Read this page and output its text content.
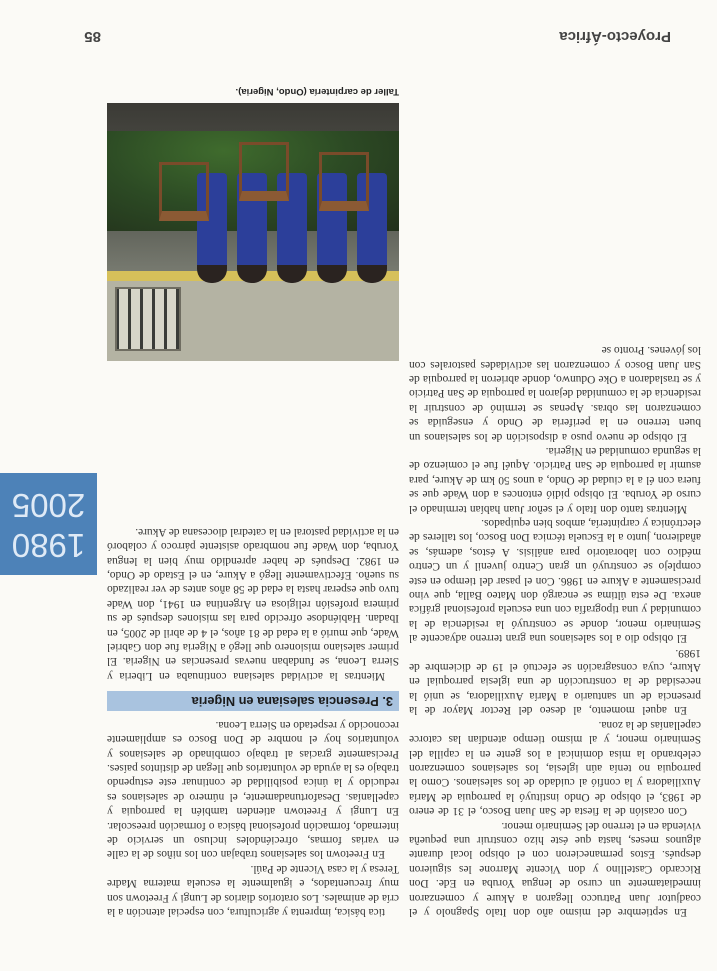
En septiembre del mismo año don Italo Spagnolo y el coadjutor Juan Patrucco llegaron a Akure y comenzaron inmediatamente un curso de lengua Yoruba en Ede. Don Riccardo Castellino y don Vicente Marrone les siguieron después. Estos permanecieron con el obispo local durante algunos meses, hasta que éste hizo construir una pequeña vivienda en el terreno del Seminario menor.

Con ocasión de la fiesta de San Juan Bosco, el 31 de enero de 1983, el obispo de Ondo instituyó la parroquia de María Auxiliadora y la confió al cuidado de los salesianos. Como la parroquia no tenía aún iglesia, los salesianos comenzaron celebrando la misa dominical a los gente en la capilla del Seminario menor, y al mismo tiempo atendían las catorce capellanías de la zona.

En aquel momento, al deseo del Rector Mayor de la presencia de un santuario a María Auxiliadora, se unió la necesidad de la construcción de una iglesia parroquial en Akure, cuya consagración se efectuó el 19 de diciembre de 1989.

El obispo dio a los salesianos una gran terreno adyacente al Seminario menor, donde se construyó la residencia de la comunidad y una tipografía con una escuela profesional gráfica anexa. De esta última se encargó don Mateo Balla, que vino precisamente a Akure en 1986. Con el pasar del tiempo en este complejo se construyó un gran Centro juvenil y un Centro médico con laboratorio para análisis. A éstos, además, se añadieron, junto a la Escuela técnica Don Bosco, los talleres de electrónica y carpintería, ambos bien equipados.

Mientras tanto don Italo y el señor Juan habían terminado el curso de Yoruba. El obispo pidió entonces a don Wade que se fuera con él a la ciudad de Ondo, a unos 50 km de Akure, para asumir la parroquia de San Patricio. Aquél fue el comienzo de la segunda comunidad en Nigeria.

El obispo de nuevo puso a disposición de los salesianos un buen terreno en la periferia de Ondo y enseguida se comenzaron las obras. Apenas se terminó de construir la residencia de la comunidad dejaron la parroquia de San Patricio y se trasladaron a Oke Odunwo, donde abrieron la parroquia de San Juan Bosco y comenzaron las actividades pastorales con los jóvenes. Pronto se

tica básica, imprenta y agricultura, con especial atención a la cría de animales. Los oratorios diarios de Lungi y Freetown son muy frecuentados, e igualmente la escuela materna Madre Teresa y la casa Vicente de Paúl.

En Freetown los salesianos trabajan con los niños de la calle en varias formas, ofreciéndoles incluso un servicio de internado, formación profesional básica o formación preescolar. En Lungi y Freetown atienden también la parroquia y capellanías. Desafortunadamente, el número de salesianos es reducido y la única posibilidad de continuar este estupendo trabajo es la ayuda de voluntarios que llegan de distintos países. Precisamente gracias al trabajo combinado de salesianos y voluntarios hoy el nombre de Don Bosco es ampliamente reconocido y respetado en Sierra Leona.

3. Presencia salesiana en Nigeria

Mientras la actividad salesiana continuaba en Liberia y Sierra Leona, se fundaban nuevas presencias en Nigeria. El primer salesiano misionero que llegó a Nigeria fue don Gabriel Wade, que murió a la edad de 81 años, el 4 de abril de 2005, en Ibadan. Habiéndose ofrecido para las misiones después de su primera profesión religiosa en Argentina en 1941, don Wade tuvo que esperar hasta la edad de 58 años antes de ver realizado su sueño. Efectivamente llegó a Akure, en el Estado de Ondo, en 1982. Después de haber aprendido muy bien la lengua Yoruba, don Wade fue nombrado asistente párroco y colaboró en la actividad pastoral en la catedral diocesana de Akure.

Taller de carpintería (Ondo, Nigeria).
1980
2005
Proyecto-África
85
